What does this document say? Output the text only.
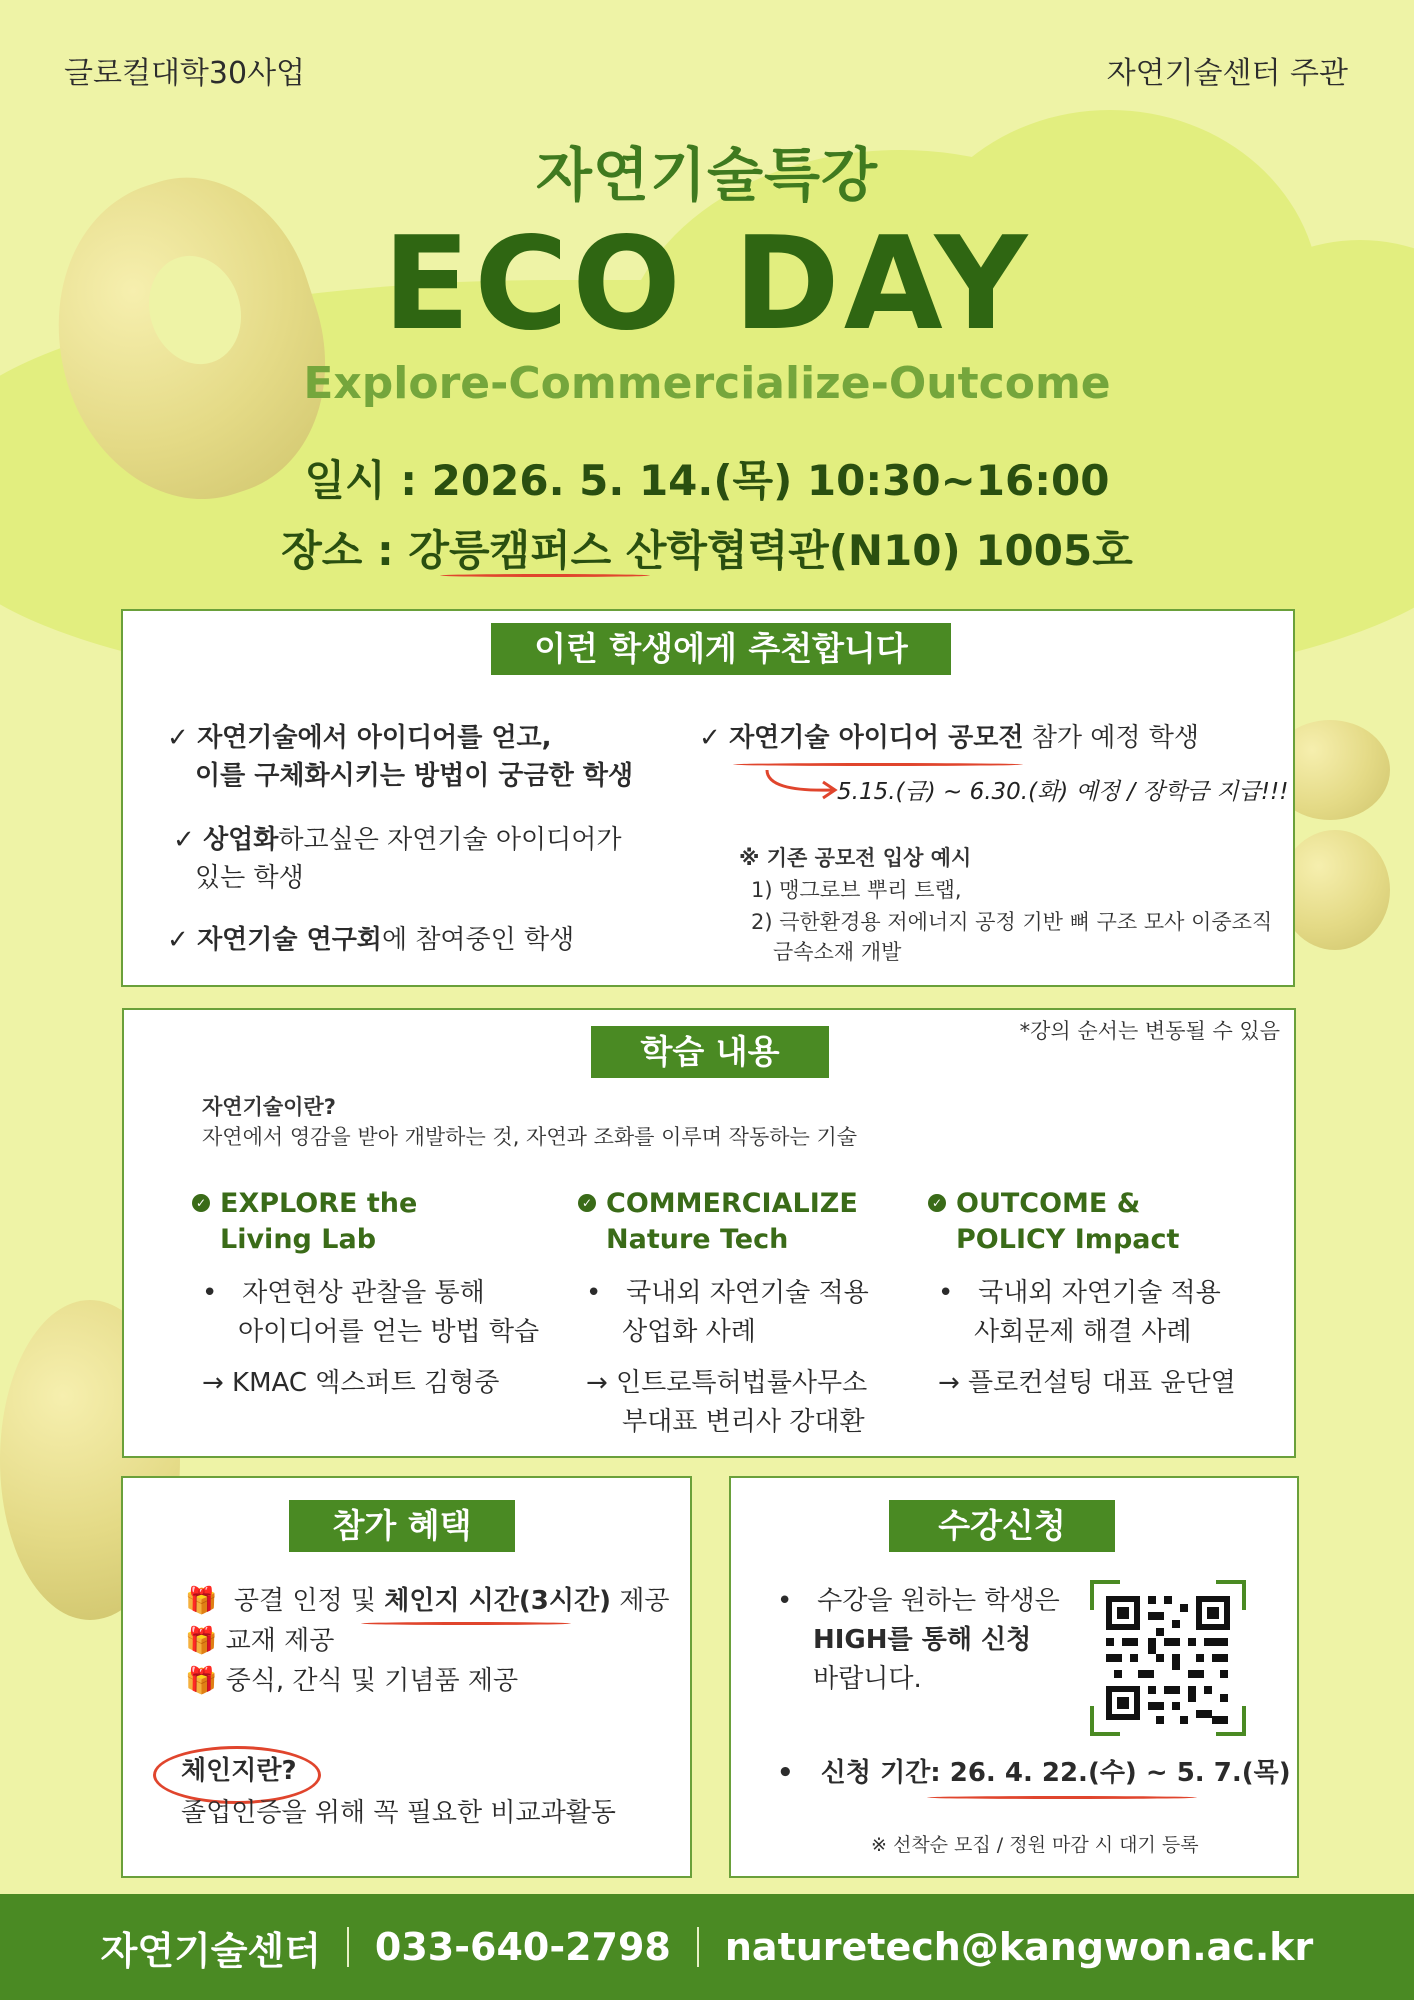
글로컬대학30사업	자연기술센터 주관
자연기술특강
ECO DAY
Explore-Commercialize-Outcome
일시 : 2026. 5. 14.(목) 10:30~16:00
장소 : 강릉캠퍼스 산학협력관(N10) 1005호
이런 학생에게 추천합니다
✓ 자연기술에서 아이디어를 얻고,
이를 구체화시키는 방법이 궁금한 학생
✓ 상업화하고싶은 자연기술 아이디어가
있는 학생
✓ 자연기술 연구회에 참여중인 학생
✓ 자연기술 아이디어 공모전 참가 예정 학생
5.15.(금) ~ 6.30.(화) 예정 / 장학금 지급!!!
※ 기존 공모전 입상 예시
1) 맹그로브 뿌리 트랩,
2) 극한환경용 저에너지 공정 기반 뼈 구조 모사 이중조직
금속소재 개발
학습 내용
*강의 순서는 변동될 수 있음
자연기술이란?
자연에서 영감을 받아 개발하는 것, 자연과 조화를 이루며 작동하는 기술
✓ EXPLORE the
Living Lab
•   자연현상 관찰을 통해
아이디어를 얻는 방법 학습
→ KMAC 엑스퍼트 김형중
✓ COMMERCIALIZE
Nature Tech
•   국내외 자연기술 적용
상업화 사례
→ 인트로특허법률사무소
부대표 변리사 강대환
✓ OUTCOME &
POLICY Impact
•   국내외 자연기술 적용
사회문제 해결 사례
→ 플로컨설팅 대표 윤단열
참가 혜택
🎁  공결 인정 및 체인지 시간(3시간) 제공
🎁 교재 제공
🎁 중식, 간식 및 기념품 제공
체인지란?
졸업인증을 위해 꼭 필요한 비교과활동
수강신청
•   수강을 원하는 학생은
HIGH를 통해 신청
바랍니다.
•   신청 기간: 26. 4. 22.(수) ~ 5. 7.(목)
※ 선착순 모집 / 정원 마감 시 대기 등록
자연기술센터 033-640-2798 naturetech@kangwon.ac.kr
